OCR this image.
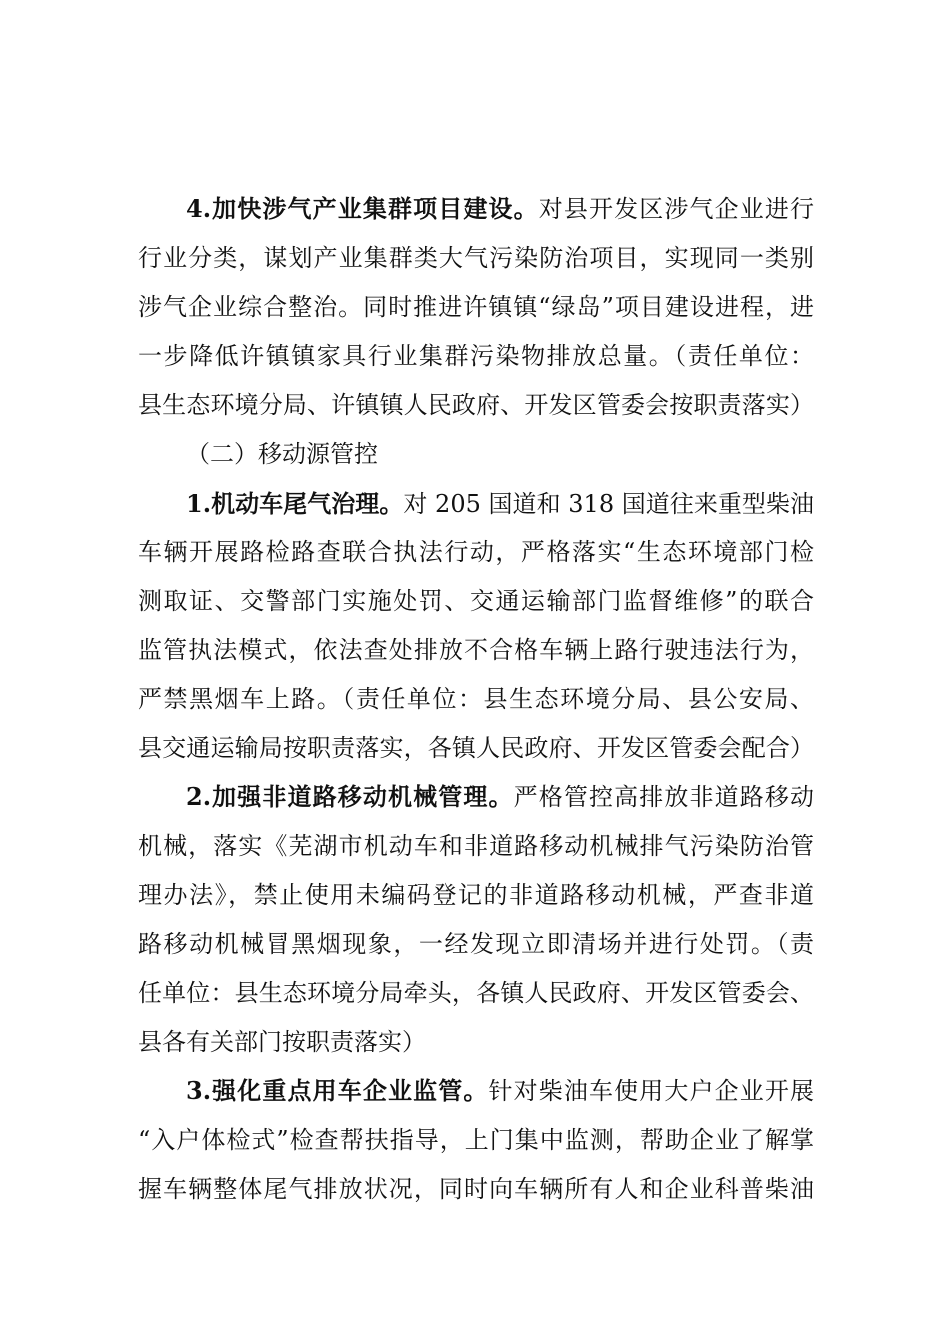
4.加快涉气产业集群项目建设。对县开发区涉气企业进行
行业分类，谋划产业集群类大气污染防治项目，实现同一类别
涉气企业综合整治。同时推进许镇镇“绿岛”项目建设进程，进
一步降低许镇镇家具行业集群污染物排放总量。（责任单位：
县生态环境分局、许镇镇人民政府、开发区管委会按职责落实）
（二）移动源管控
1.机动车尾气治理。对 205 国道和 318 国道往来重型柴油
车辆开展路检路查联合执法行动，严格落实“生态环境部门检
测取证、交警部门实施处罚、交通运输部门监督维修”的联合
监管执法模式，依法查处排放不合格车辆上路行驶违法行为，
严禁黑烟车上路。（责任单位：县生态环境分局、县公安局、
县交通运输局按职责落实，各镇人民政府、开发区管委会配合）
2.加强非道路移动机械管理。严格管控高排放非道路移动
机械，落实《芜湖市机动车和非道路移动机械排气污染防治管
理办法》，禁止使用未编码登记的非道路移动机械，严查非道
路移动机械冒黑烟现象，一经发现立即清场并进行处罚。（责
任单位：县生态环境分局牵头，各镇人民政府、开发区管委会、
县各有关部门按职责落实）
3.强化重点用车企业监管。针对柴油车使用大户企业开展
“入户体检式”检查帮扶指导，上门集中监测，帮助企业了解掌
握车辆整体尾气排放状况，同时向车辆所有人和企业科普柴油
